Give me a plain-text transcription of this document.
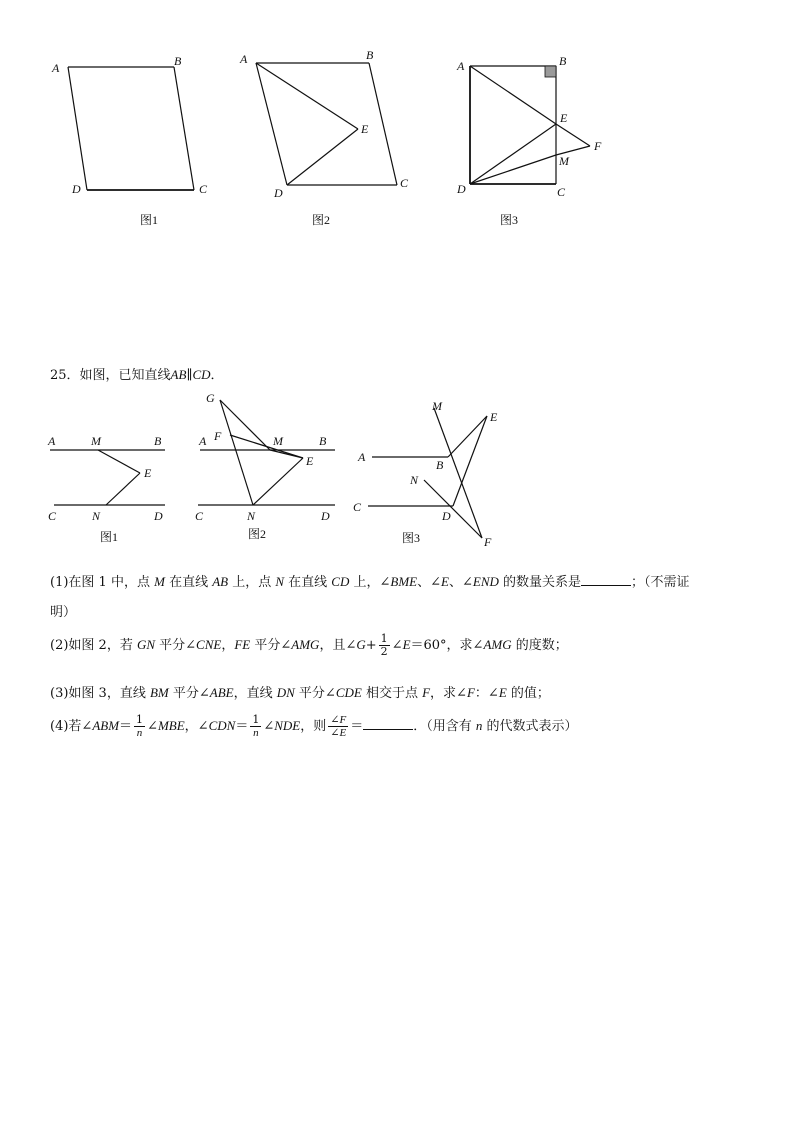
A	B
C
D
图1
A	B
C
D
E
图2
A	B
C
D
E
F
M
图3
25．如图，已知直线AB∥CD．
A	M	B
E
C	N	D
图1
G
F
A	M	B
E
C	N	D
图2
M
E
A
B
N
C
D
F
图3
(1)在图 1 中，点 M 在直线 AB 上，点 N 在直线 CD 上，∠BME、∠E、∠END 的数量关系是	；（不需证
明）
(2)如图 2，若 GN 平分∠CNE，FE 平分∠AMG，且∠G+ $\frac{1}{2}$ ∠E＝60°，求∠AMG 的度数；
(3)如图 3，直线 BM 平分∠ABE，直线 DN 平分∠CDE 相交于点 F，求∠F：∠E 的值；
(4)若∠ABM＝ $\frac{1}{n}$ ∠MBE，∠CDN＝ $\frac{1}{n}$ ∠NDE，则 $\frac{\angle F}{\angle E}$ ＝	．（用含有 n 的代数式表示）
